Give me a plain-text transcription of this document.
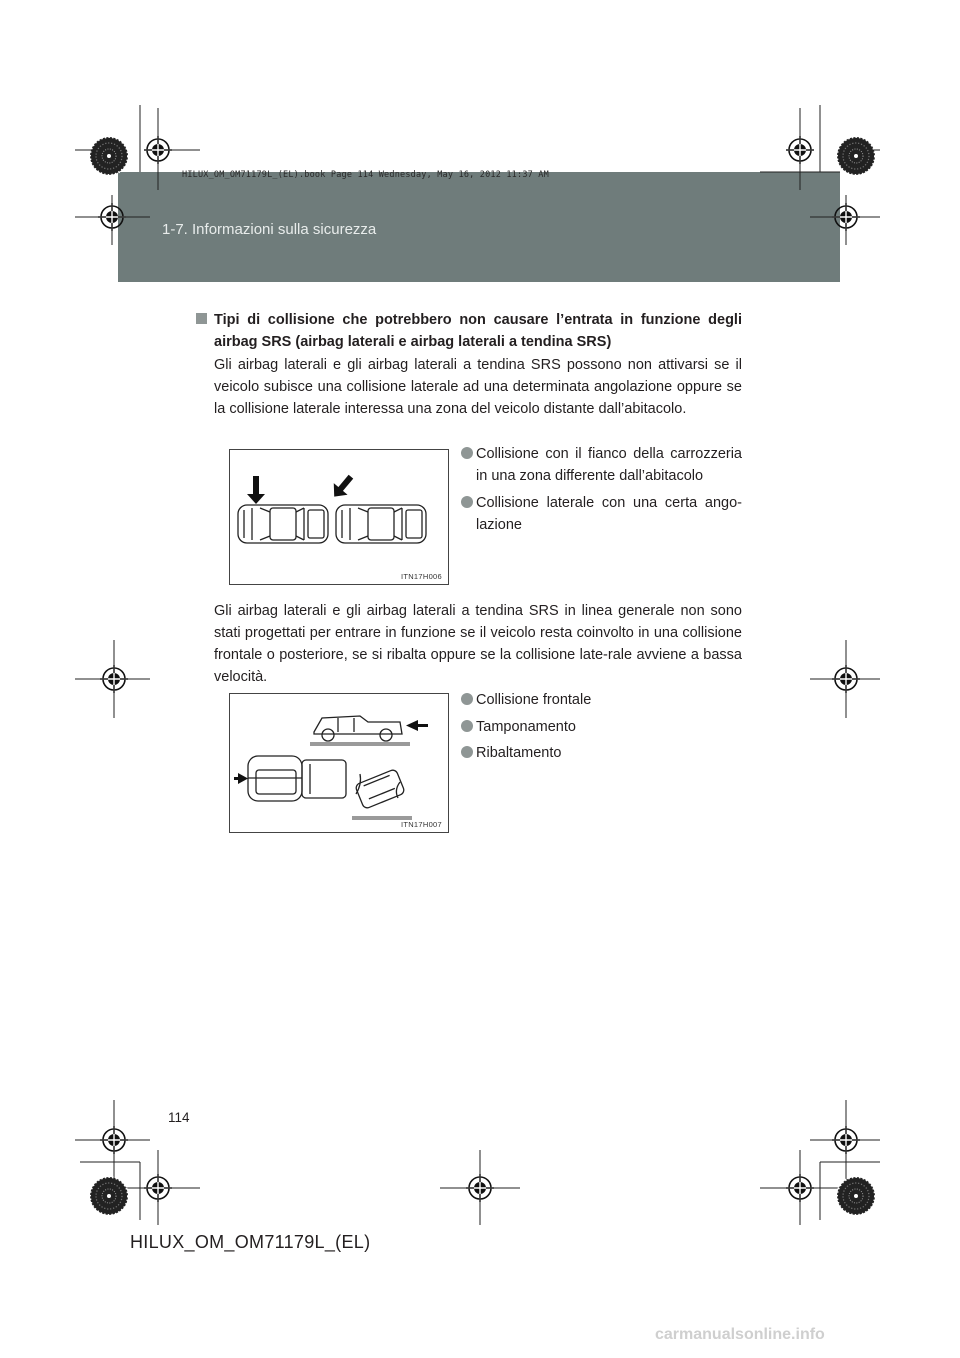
1-7. Informazioni sulla sicurezza
HILUX_OM_OM71179L_(EL).book Page 114 Wednesday, May 16, 2012 11:37 AM
Tipi di collisione che potrebbero non causare l’entrata in funzione degli airbag SRS (airbag laterali e airbag laterali a tendina SRS)
Gli airbag laterali e gli airbag laterali a tendina SRS possono non attivarsi se il veicolo subisce una collisione laterale ad una determinata angolazione oppure se la collisione laterale interessa una zona del veicolo distante dall’abitacolo.
ITN17H006
Collisione con il fianco della carrozzeria in una zona differente dall’abitacolo
Collisione laterale con una certa ango-lazione
Gli airbag laterali e gli airbag laterali a tendina SRS in linea generale non sono stati progettati per entrare in funzione se il veicolo resta coinvolto in una collisione frontale o posteriore, se si ribalta oppure se la collisione late-rale avviene a bassa velocità.
ITN17H007
Collisione frontale
Tamponamento
Ribaltamento
114
HILUX_OM_OM71179L_(EL)
carmanualsonline.info
